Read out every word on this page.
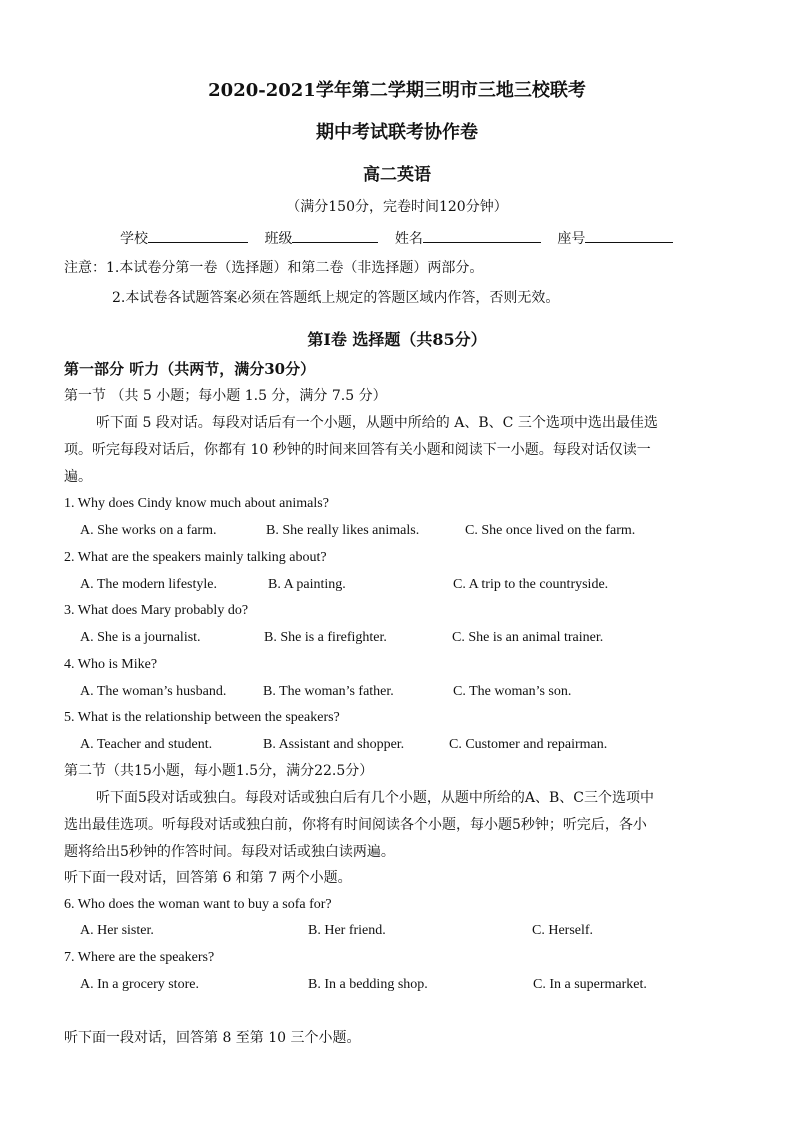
2020-2021学年第二学期三明市三地三校联考
期中考试联考协作卷
高二英语
（满分150分，完卷时间120分钟）
学校	班级	姓名	座号
注意：1.本试卷分第一卷（选择题）和第二卷（非选择题）两部分。
2.本试卷各试题答案必须在答题纸上规定的答题区域内作答，否则无效。
第Ⅰ卷 选择题（共85分）
第一部分 听力（共两节，满分30分）
第一节 （共 5 小题；每小题 1.5 分，满分 7.5 分）
听下面 5 段对话。每段对话后有一个小题，从题中所给的 A、B、C 三个选项中选出最佳选
项。听完每段对话后，你都有 10 秒钟的时间来回答有关小题和阅读下一小题。每段对话仅读一
遍。
1. Why does Cindy know much about animals?
A. She works on a farm.	B. She really likes animals.	C. She once lived on the farm.
2. What are the speakers mainly talking about?
A. The modern lifestyle.	B. A painting.	C. A trip to the countryside.
3. What does Mary probably do?
A. She is a journalist.	B. She is a firefighter.	C. She is an animal trainer.
4. Who is Mike?
A. The woman’s husband.	B. The woman’s father.	C. The woman’s son.
5. What is the relationship between the speakers?
A. Teacher and student.	B. Assistant and shopper.	C. Customer and repairman.
第二节（共15小题，每小题1.5分，满分22.5分）
听下面5段对话或独白。每段对话或独白后有几个小题，从题中所给的A、B、C三个选项中
选出最佳选项。听每段对话或独白前，你将有时间阅读各个小题，每小题5秒钟；听完后，各小
题将给出5秒钟的作答时间。每段对话或独白读两遍。
听下面一段对话，回答第 6 和第 7 两个小题。
6. Who does the woman want to buy a sofa for?
A. Her sister.	B. Her friend.	C. Herself.
7. Where are the speakers?
A. In a grocery store.	B. In a bedding shop.	C. In a supermarket.
听下面一段对话，回答第 8 至第 10 三个小题。
